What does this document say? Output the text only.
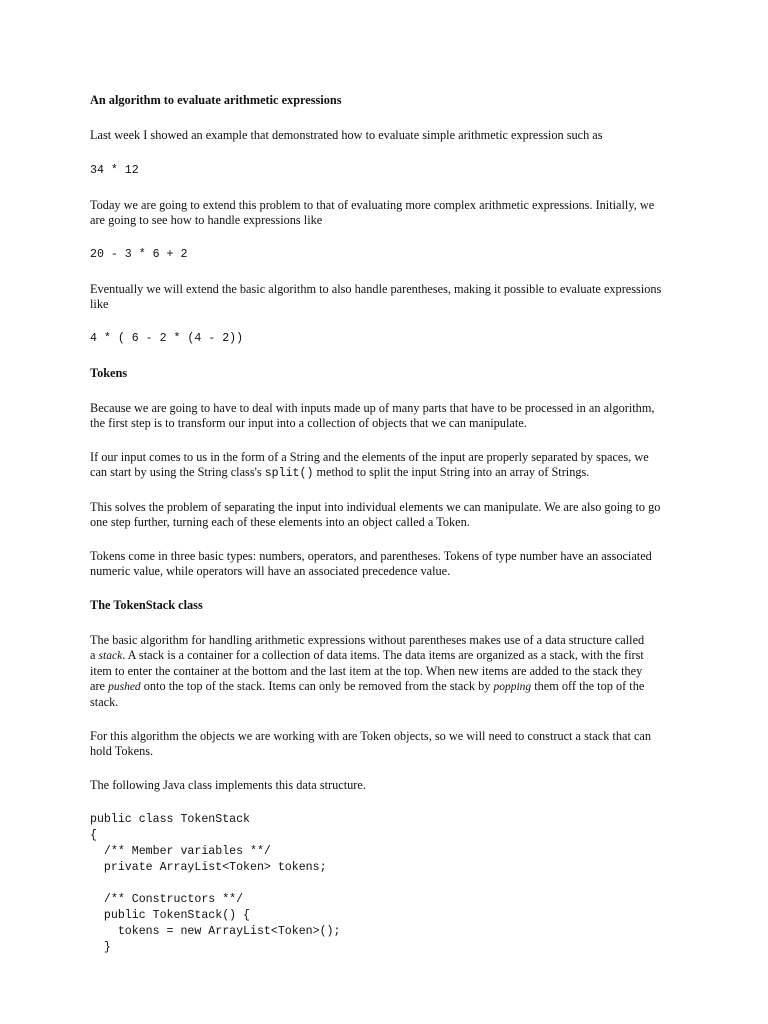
An algorithm to evaluate arithmetic expressions

Last week I showed an example that demonstrated how to evaluate simple arithmetic expression such as

34 * 12

Today we are going to extend this problem to that of evaluating more complex arithmetic expressions. Initially, we
are going to see how to handle expressions like

20 - 3 * 6 + 2

Eventually we will extend the basic algorithm to also handle parentheses, making it possible to evaluate expressions
like

4 * ( 6 - 2 * (4 - 2))

Tokens

Because we are going to have to deal with inputs made up of many parts that have to be processed in an algorithm,
the first step is to transform our input into a collection of objects that we can manipulate.

If our input comes to us in the form of a String and the elements of the input are properly separated by spaces, we
can start by using the String class's split() method to split the input String into an array of Strings.

This solves the problem of separating the input into individual elements we can manipulate. We are also going to go
one step further, turning each of these elements into an object called a Token.

Tokens come in three basic types: numbers, operators, and parentheses. Tokens of type number have an associated
numeric value, while operators will have an associated precedence value.

The TokenStack class

The basic algorithm for handling arithmetic expressions without parentheses makes use of a data structure called
a stack. A stack is a container for a collection of data items. The data items are organized as a stack, with the first
item to enter the container at the bottom and the last item at the top. When new items are added to the stack they
are pushed onto the top of the stack. Items can only be removed from the stack by popping them off the top of the
stack.

For this algorithm the objects we are working with are Token objects, so we will need to construct a stack that can
hold Tokens.

The following Java class implements this data structure.

public class TokenStack

{

/** Member variables **/

private ArrayList<Token> tokens;

/** Constructors **/

public TokenStack() {

tokens = new ArrayList<Token>();

}
